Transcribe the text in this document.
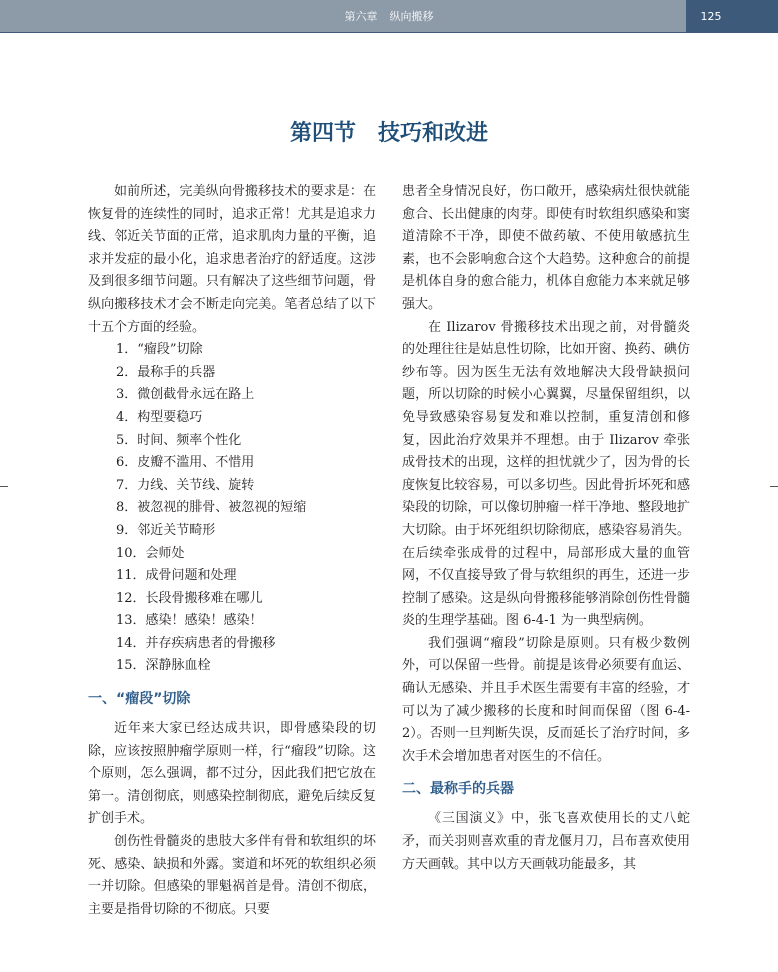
第六章 纵向搬移	125
第四节 技巧和改进

如前所述，完美纵向骨搬移技术的要求是：在恢复骨的连续性的同时，追求正常！尤其是追求力线、邻近关节面的正常，追求肌肉力量的平衡，追求并发症的最小化，追求患者治疗的舒适度。这涉及到很多细节问题。只有解决了这些细节问题，骨纵向搬移技术才会不断走向完美。笔者总结了以下十五个方面的经验。

1．“瘤段”切除
2．最称手的兵器
3．微创截骨永远在路上
4．构型要稳巧
5．时间、频率个性化
6．皮瓣不滥用、不惜用
7．力线、关节线、旋转
8．被忽视的腓骨、被忽视的短缩
9．邻近关节畸形
10．会师处
11．成骨问题和处理
12．长段骨搬移难在哪儿
13．感染！感染！感染！
14．并存疾病患者的骨搬移
15．深静脉血栓
一、“瘤段”切除

近年来大家已经达成共识，即骨感染段的切除，应该按照肿瘤学原则一样，行“瘤段”切除。这个原则，怎么强调，都不过分，因此我们把它放在第一。清创彻底，则感染控制彻底，避免后续反复扩创手术。

创伤性骨髓炎的患肢大多伴有骨和软组织的坏死、感染、缺损和外露。窦道和坏死的软组织必须一并切除。但感染的罪魁祸首是骨。清创不彻底，主要是指骨切除的不彻底。只要

患者全身情况良好，伤口敞开，感染病灶很快就能愈合、长出健康的肉芽。即使有时软组织感染和窦道清除不干净，即使不做药敏、不使用敏感抗生素，也不会影响愈合这个大趋势。这种愈合的前提是机体自身的愈合能力，机体自愈能力本来就足够强大。

在 Ilizarov 骨搬移技术出现之前，对骨髓炎的处理往往是姑息性切除，比如开窗、换药、碘仿纱布等。因为医生无法有效地解决大段骨缺损问题，所以切除的时候小心翼翼，尽量保留组织，以免导致感染容易复发和难以控制，重复清创和修复，因此治疗效果并不理想。由于 Ilizarov 牵张成骨技术的出现，这样的担忧就少了，因为骨的长度恢复比较容易，可以多切些。因此骨折坏死和感染段的切除，可以像切肿瘤一样干净地、整段地扩大切除。由于坏死组织切除彻底，感染容易消失。在后续牵张成骨的过程中，局部形成大量的血管网，不仅直接导致了骨与软组织的再生，还进一步控制了感染。这是纵向骨搬移能够消除创伤性骨髓炎的生理学基础。图 6-4-1 为一典型病例。

我们强调“瘤段”切除是原则。只有极少数例外，可以保留一些骨。前提是该骨必须要有血运、确认无感染、并且手术医生需要有丰富的经验，才可以为了减少搬移的长度和时间而保留（图 6-4-2）。否则一旦判断失误，反而延长了治疗时间，多次手术会增加患者对医生的不信任。

二、最称手的兵器

《三国演义》中，张飞喜欢使用长的丈八蛇矛，而关羽则喜欢重的青龙偃月刀，吕布喜欢使用方天画戟。其中以方天画戟功能最多，其
